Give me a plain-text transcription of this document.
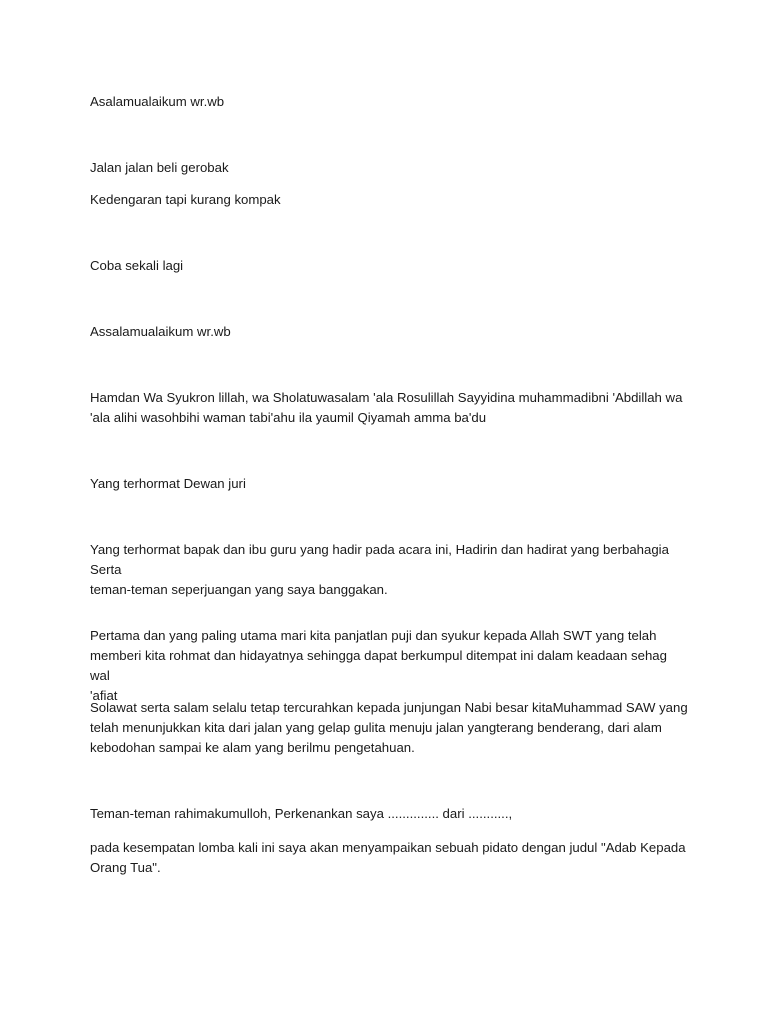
Asalamualaikum wr.wb

Jalan jalan beli gerobak

Kedengaran tapi kurang kompak

Coba sekali lagi

Assalamualaikum wr.wb

Hamdan Wa Syukron lillah, wa Sholatuwasalam 'ala Rosulillah Sayyidina muhammadibni 'Abdillah wa
'ala alihi wasohbihi waman tabi'ahu ila yaumil Qiyamah amma ba'du

Yang terhormat Dewan juri

Yang terhormat bapak dan ibu guru yang hadir pada acara ini, Hadirin dan hadirat yang berbahagia Serta
teman-teman seperjuangan yang saya banggakan.
Pertama dan yang paling utama mari kita panjatlan puji dan syukur kepada Allah SWT yang telah
memberi kita rohmat dan hidayatnya sehingga dapat berkumpul ditempat ini dalam keadaan sehag wal
'afiat
Solawat serta salam selalu tetap tercurahkan kepada junjungan Nabi besar kitaMuhammad SAW yang
telah menunjukkan kita dari jalan yang gelap gulita menuju jalan yangterang benderang, dari alam
kebodohan sampai ke alam yang berilmu pengetahuan.

Teman-teman rahimakumulloh, Perkenankan saya .............. dari ...........,

pada kesempatan lomba kali ini saya akan menyampaikan sebuah pidato dengan judul "Adab Kepada
Orang Tua".
